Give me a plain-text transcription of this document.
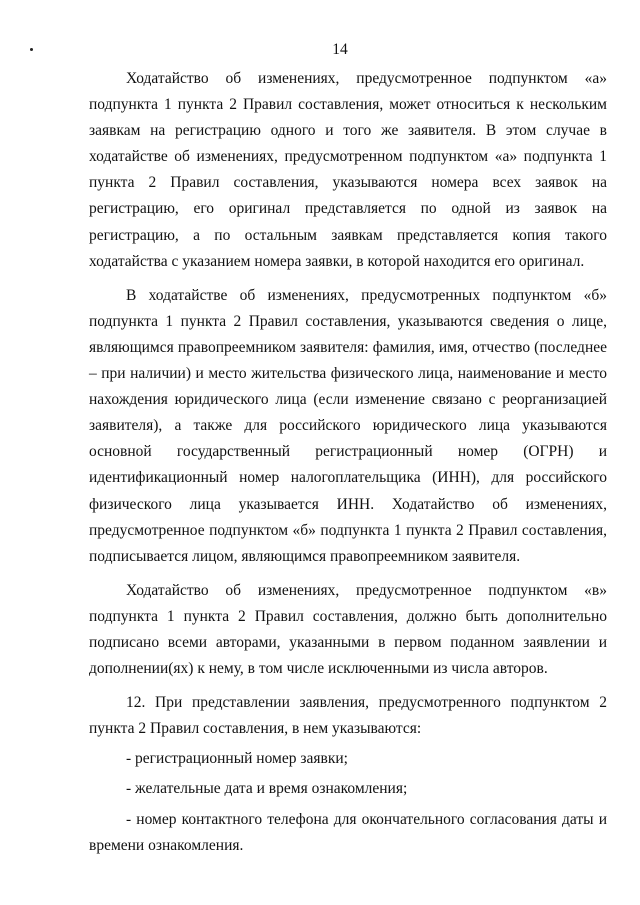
14

Ходатайство об изменениях, предусмотренное подпунктом «а» подпункта 1 пункта 2 Правил составления, может относиться к нескольким заявкам на регистрацию одного и того же заявителя. В этом случае в ходатайстве об изменениях, предусмотренном подпунктом «а» подпункта 1 пункта 2 Правил составления, указываются номера всех заявок на регистрацию, его оригинал представляется по одной из заявок на регистрацию, а по остальным заявкам представляется копия такого ходатайства с указанием номера заявки, в которой находится его оригинал.

В ходатайстве об изменениях, предусмотренных подпунктом «б» подпункта 1 пункта 2 Правил составления, указываются сведения о лице, являющимся правопреемником заявителя: фамилия, имя, отчество (последнее – при наличии) и место жительства физического лица, наименование и место нахождения юридического лица (если изменение связано с реорганизацией заявителя), а также для российского юридического лица указываются основной государственный регистрационный номер (ОГРН) и идентификационный номер налогоплательщика (ИНН), для российского физического лица указывается ИНН. Ходатайство об изменениях, предусмотренное подпунктом «б» подпункта 1 пункта 2 Правил составления, подписывается лицом, являющимся правопреемником заявителя.

Ходатайство об изменениях, предусмотренное подпунктом «в» подпункта 1 пункта 2 Правил составления, должно быть дополнительно подписано всеми авторами, указанными в первом поданном заявлении и дополнении(ях) к нему, в том числе исключенными из числа авторов.

12. При представлении заявления, предусмотренного подпунктом 2 пункта 2 Правил составления, в нем указываются:

- регистрационный номер заявки;

- желательные дата и время ознакомления;

- номер контактного телефона для окончательного согласования даты и времени ознакомления.
